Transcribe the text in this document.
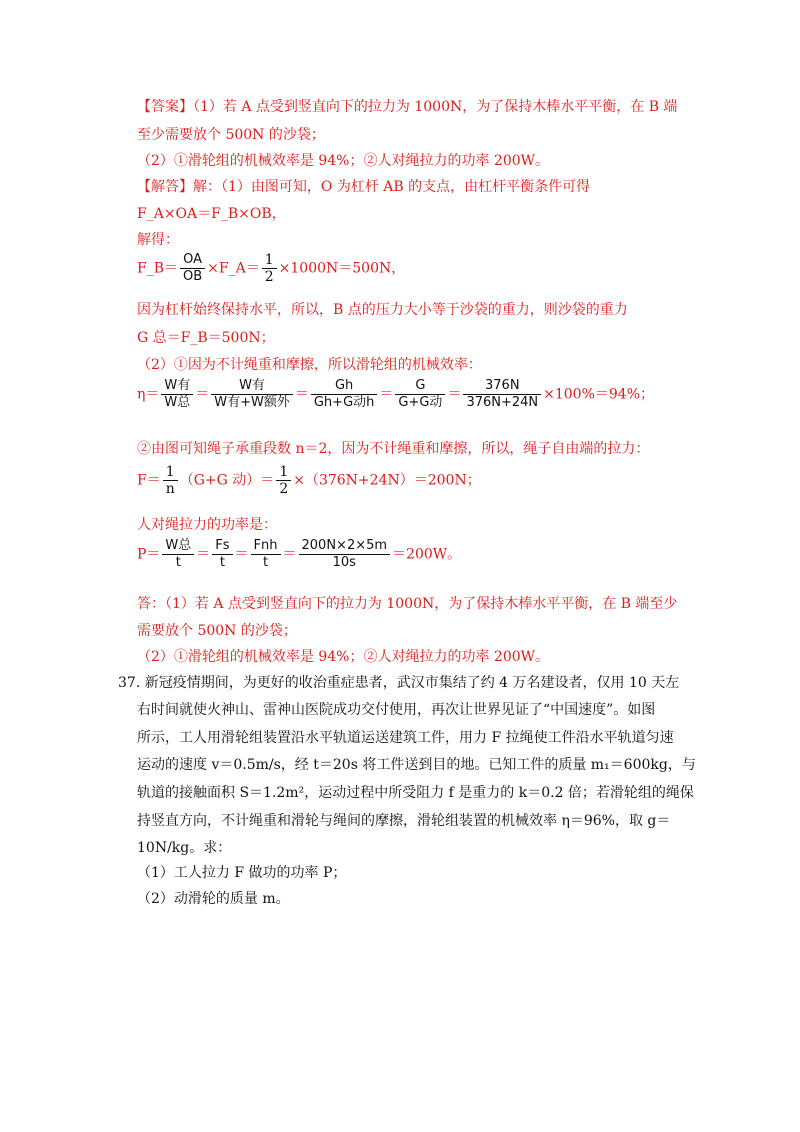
【答案】（1）若 A 点受到竖直向下的拉力为 1000N，为了保持木棒水平平衡，在 B 端
至少需要放个 500N 的沙袋；
（2）①滑轮组的机械效率是 94%；②人对绳拉力的功率 200W。
【解答】解：（1）由图可知，O 为杠杆 AB 的支点，由杠杆平衡条件可得
F_A×OA＝F_B×OB，
解得：
F_B＝ $\frac{OA}{OB}$ ×F_A＝ $\frac{1}{2} \times 1000N=500N$，
因为杠杆始终保持水平，所以，B 点的压力大小等于沙袋的重力，则沙袋的重力
G 总＝F_B＝500N；
（2）①因为不计绳重和摩擦，所以滑轮组的机械效率：
$\eta= \frac{\text{W有}}{\text{W总}} = \frac{\text{W有}}{\text{W有+W额外}} = \frac{Gh}{\text{Gh+G动h}} = \frac{G}{\text{G+G动}} = \frac{376N}{376N+24N} \times 100\%=94\%$；
②由图可知绳子承重段数 n＝2，因为不计绳重和摩擦，所以，绳子自由端的拉力：
$F= \frac{1}{n} (G+G$ 动）＝ $\frac{1}{2} \times(376N+24N)=200N$；
人对绳拉力的功率是：
$P= \frac{\text{W总}}{t} = \frac{Fs}{t} = \frac{\text{Fnh}}{t} = \frac{200N\times 2\times 5m}{10s} =200W$。
答：（1）若 A 点受到竖直向下的拉力为 1000N，为了保持木棒水平平衡，在 B 端至少
需要放个 500N 的沙袋；
（2）①滑轮组的机械效率是 94%；②人对绳拉力的功率 200W。
37. 新冠疫情期间，为更好的收治重症患者，武汉市集结了约 4 万名建设者，仅用 10 天左
右时间就使火神山、雷神山医院成功交付使用，再次让世界见证了“中国速度”。如图
所示，工人用滑轮组装置沿水平轨道运送建筑工件，用力 F 拉绳使工件沿水平轨道匀速
运动的速度 v＝0.5m/s，经 t＝20s 将工件送到目的地。已知工件的质量 m₁＝600kg，与
轨道的接触面积 S＝1.2m²，运动过程中所受阻力 f 是重力的 k＝0.2 倍；若滑轮组的绳保
持竖直方向，不计绳重和滑轮与绳间的摩擦，滑轮组装置的机械效率 η＝96%，取 g＝
10N/kg。求：
（1）工人拉力 F 做功的功率 P；
（2）动滑轮的质量 m。
